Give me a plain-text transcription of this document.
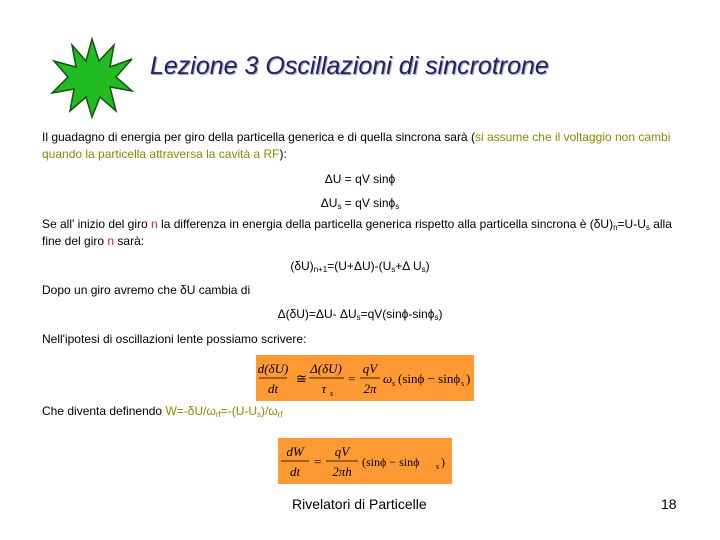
Lezione 3 Oscillazioni di sincrotrone
Il guadagno di energia per giro della particella generica e di quella sincrona sarà (si assume che il voltaggio non cambi quando la particella attraversa la cavità a RF):
ΔU = qV sinϕ
$\Delta U_s$ = qV sinϕ$_s$
Se all' inizio del giro n la differenza in energia della particella generica rispetto alla particella sincrona è $(\delta U)_n=U-U_s$ alla fine del giro n sarà:
$(\delta U)_{n+1}=(U+\Delta U)-(U_s+\Delta$ $U_s$)
Dopo un giro avremo che δU cambia di
Δ(δU)=ΔU- $\Delta U_s=qV(\sin\phi-\sin\phi_s)$
Nell'ipotesi di oscillazioni lente possiamo scrivere:
d(δU)
dt
≅
Δ(δU)
τ s
=
qV
2π
ω s (sinϕ − sinϕ s )
Che diventa definendo $W=-\delta U/\omega_{rf}=-(U-U_s)/\omega_{rf}$
dW
dt
=
qV
2πh
(sinϕ − sinϕ s )
Rivelatori di Particelle	18
